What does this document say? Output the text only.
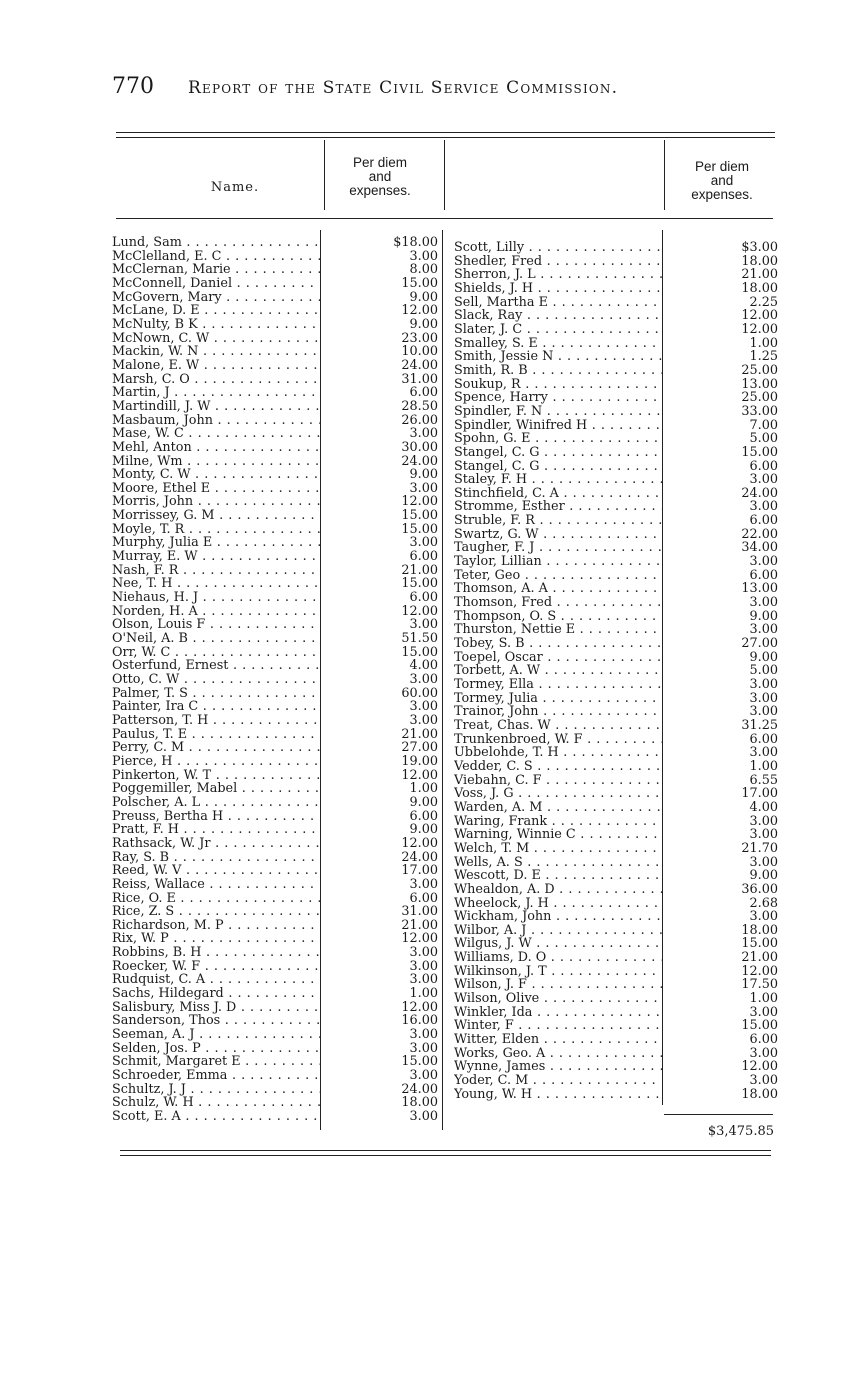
770 Report of the State Civil Service Commission.
Name.
Per diem
and
expenses.
Per diem
and
expenses.
Lund, Sam . . .	$18.00
McClelland, E. C . . .	3.00
McClernan, Marie . . .	8.00
McConnell, Daniel . . .	15.00
McGovern, Mary . . .	9.00
McLane, D. E . . .	12.00
McNulty, B K . . .	9.00
McNown, C. W . . .	23.00
Mackin, W. N . . .	10.00
Malone, E. W . . .	24.00
Marsh, C. O . . .	31.00
Martin, J . . .	6.00
Martindill, J. W . . .	28.50
Masbaum, John . . .	26.00
Mase, W. C . . .	3.00
Mehl, Anton . . .	30.00
Milne, Wm . . .	24.00
Monty, C. W . . .	9.00
Moore, Ethel E . . .	3.00
Morris, John . . .	12.00
Morrissey, G. M . . .	15.00
Moyle, T. R . . .	15.00
Murphy, Julia E . . .	3.00
Murray, E. W . . .	6.00
Nash, F. R . . .	21.00
Nee, T. H . . .	15.00
Niehaus, H. J . . .	6.00
Norden, H. A . . .	12.00
Olson, Louis F . . .	3.00
O'Neil, A. B . . .	51.50
Orr, W. C . . .	15.00
Osterfund, Ernest . . .	4.00
Otto, C. W . . .	3.00
Palmer, T. S . . .	60.00
Painter, Ira C . . .	3.00
Patterson, T. H . . .	3.00
Paulus, T. E . . .	21.00
Perry, C. M . . .	27.00
Pierce, H . . .	19.00
Pinkerton, W. T . . .	12.00
Poggemiller, Mabel . . .	1.00
Polscher, A. L . . .	9.00
Preuss, Bertha H . . .	6.00
Pratt, F. H . . .	9.00
Rathsack, W. Jr . . .	12.00
Ray, S. B . . .	24.00
Reed, W. V . . .	17.00
Reiss, Wallace . . .	3.00
Rice, O. E . . .	6.00
Rice, Z. S . . .	31.00
Richardson, M. P . . .	21.00
Rix, W. P . . .	12.00
Robbins, B. H . . .	3.00
Roecker, W. F . . .	3.00
Rudquist, C. A . . .	3.00
Sachs, Hildegard . . .	1.00
Salisbury, Miss J. D . . .	12.00
Sanderson, Thos . . .	16.00
Seeman, A. J . . .	3.00
Selden, Jos. P . . .	3.00
Schmit, Margaret E . . .	15.00
Schroeder, Emma . . .	3.00
Schultz, J. J . . .	24.00
Schulz, W. H . . .	18.00
Scott, E. A . . .	3.00
Scott, Lilly . . .	$3.00
Shedler, Fred . . .	18.00
Sherron, J. L . . .	21.00
Shields, J. H . . .	18.00
Sell, Martha E . . .	2.25
Slack, Ray . . .	12.00
Slater, J. C . . .	12.00
Smalley, S. E . . .	1.00
Smith, Jessie N . . .	1.25
Smith, R. B . . .	25.00
Soukup, R . . .	13.00
Spence, Harry . . .	25.00
Spindler, F. N . . .	33.00
Spindler, Winifred H . . .	7.00
Spohn, G. E . . .	5.00
Stangel, C. G . . .	15.00
Stangel, C. G . . .	6.00
Staley, F. H . . .	3.00
Stinchfield, C. A . . .	24.00
Stromme, Esther . . .	3.00
Struble, F. R . . .	6.00
Swartz, G. W . . .	22.00
Taugher, F. J . . .	34.00
Taylor, Lillian . . .	3.00
Teter, Geo . . .	6.00
Thomson, A. A . . .	13.00
Thomson, Fred . . .	3.00
Thompson, O. S . . .	9.00
Thurston, Nettie E . . .	3.00
Tobey, S. B . . .	27.00
Toepel, Oscar . . .	9.00
Torbett, A. W . . .	5.00
Tormey, Ella . . .	3.00
Tormey, Julia . . .	3.00
Trainor, John . . .	3.00
Treat, Chas. W . . .	31.25
Trunkenbroed, W. F . . .	6.00
Ubbelohde, T. H . . .	3.00
Vedder, C. S . . .	1.00
Viebahn, C. F . . .	6.55
Voss, J. G . . .	17.00
Warden, A. M . . .	4.00
Waring, Frank . . .	3.00
Warning, Winnie C . . .	3.00
Welch, T. M . . .	21.70
Wells, A. S . . .	3.00
Wescott, D. E . . .	9.00
Whealdon, A. D . . .	36.00
Wheelock, J. H . . .	2.68
Wickham, John . . .	3.00
Wilbor, A. J . . .	18.00
Wilgus, J. W . . .	15.00
Williams, D. O . . .	21.00
Wilkinson, J. T . . .	12.00
Wilson, J. F . . .	17.50
Wilson, Olive . . .	1.00
Winkler, Ida . . .	3.00
Winter, F . . .	15.00
Witter, Elden . . .	6.00
Works, Geo. A . . .	3.00
Wynne, James . . .	12.00
Yoder, C. M . . .	3.00
Young, W. H . . .	18.00
$3,475.85
